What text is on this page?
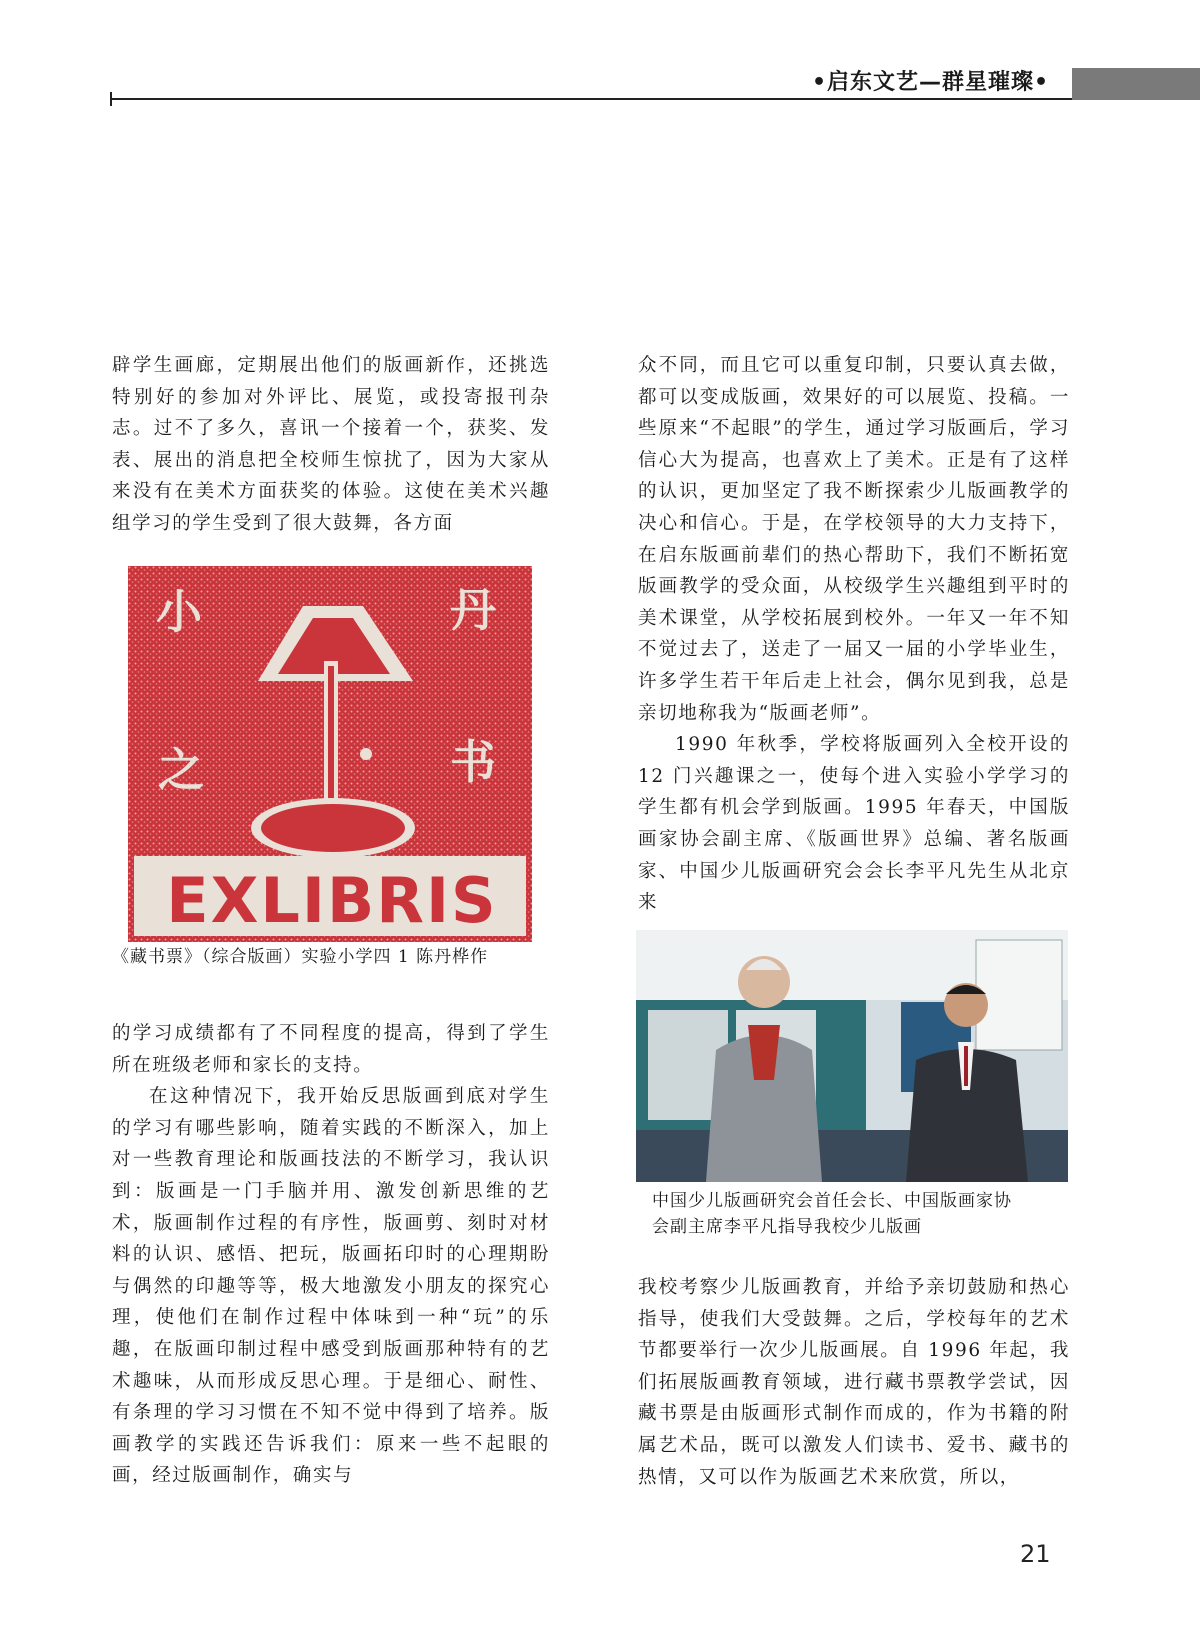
•启东文艺—群星璀璨•

辟学生画廊，定期展出他们的版画新作，还挑选特别好的参加对外评比、展览，或投寄报刊杂志。过不了多久，喜讯一个接着一个，获奖、发表、展出的消息把全校师生惊扰了，因为大家从来没有在美术方面获奖的体验。这使在美术兴趣组学习的学生受到了很大鼓舞，各方面

小	丹
之	书
EXLIBRIS
《藏书票》（综合版画）实验小学四 1 陈丹桦作

的学习成绩都有了不同程度的提高，得到了学生所在班级老师和家长的支持。

在这种情况下，我开始反思版画到底对学生的学习有哪些影响，随着实践的不断深入，加上对一些教育理论和版画技法的不断学习，我认识到：版画是一门手脑并用、激发创新思维的艺术，版画制作过程的有序性，版画剪、刻时对材料的认识、感悟、把玩，版画拓印时的心理期盼与偶然的印趣等等，极大地激发小朋友的探究心理，使他们在制作过程中体味到一种“玩”的乐趣，在版画印制过程中感受到版画那种特有的艺术趣味，从而形成反思心理。于是细心、耐性、有条理的学习习惯在不知不觉中得到了培养。版画教学的实践还告诉我们：原来一些不起眼的画，经过版画制作，确实与

众不同，而且它可以重复印制，只要认真去做，都可以变成版画，效果好的可以展览、投稿。一些原来“不起眼”的学生，通过学习版画后，学习信心大为提高，也喜欢上了美术。正是有了这样的认识，更加坚定了我不断探索少儿版画教学的决心和信心。于是，在学校领导的大力支持下，在启东版画前辈们的热心帮助下，我们不断拓宽版画教学的受众面，从校级学生兴趣组到平时的美术课堂，从学校拓展到校外。一年又一年不知不觉过去了，送走了一届又一届的小学毕业生，许多学生若干年后走上社会，偶尔见到我，总是亲切地称我为“版画老师”。

1990 年秋季，学校将版画列入全校开设的 12 门兴趣课之一，使每个进入实验小学学习的学生都有机会学到版画。1995 年春天，中国版画家协会副主席、《版画世界》总编、著名版画家、中国少儿版画研究会会长李平凡先生从北京来

中国少儿版画研究会首任会长、中国版画家协
会副主席李平凡指导我校少儿版画

我校考察少儿版画教育，并给予亲切鼓励和热心指导，使我们大受鼓舞。之后，学校每年的艺术节都要举行一次少儿版画展。自 1996 年起，我们拓展版画教育领域，进行藏书票教学尝试，因藏书票是由版画形式制作而成的，作为书籍的附属艺术品，既可以激发人们读书、爱书、藏书的热情，又可以作为版画艺术来欣赏，所以，

21
